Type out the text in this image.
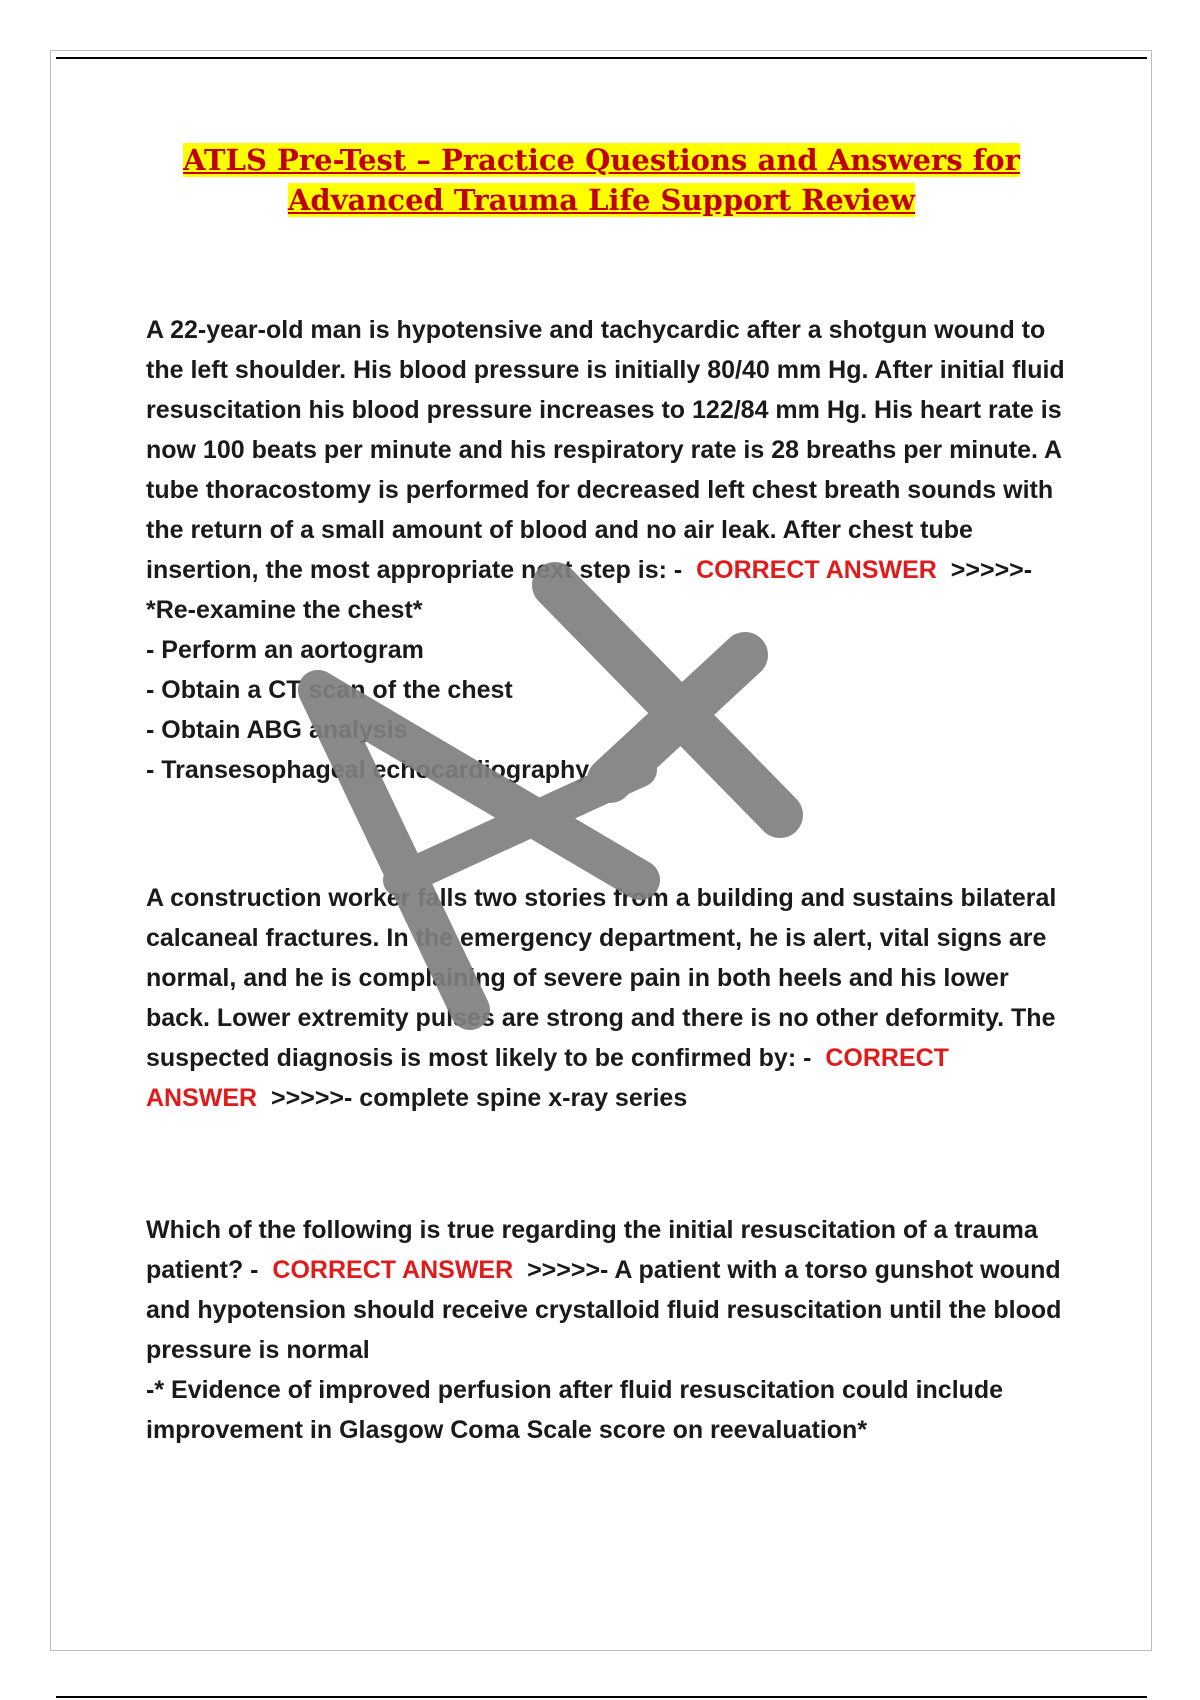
ATLS Pre-Test – Practice Questions and Answers for
Advanced Trauma Life Support Review

A 22-year-old man is hypotensive and tachycardic after a shotgun wound to the left shoulder. His blood pressure is initially 80/40 mm Hg. After initial fluid resuscitation his blood pressure increases to 122/84 mm Hg. His heart rate is now 100 beats per minute and his respiratory rate is 28 breaths per minute. A tube thoracostomy is performed for decreased left chest breath sounds with the return of a small amount of blood and no air leak. After chest tube insertion, the most appropriate next step is: - CORRECT ANSWER >>>>>- *Re-examine the chest*

- Perform an aortogram

- Obtain a CT scan of the chest

- Obtain ABG analysis

- Transesophageal echocardiography

A construction worker falls two stories from a building and sustains bilateral calcaneal fractures. In the emergency department, he is alert, vital signs are normal, and he is complaining of severe pain in both heels and his lower back. Lower extremity pulses are strong and there is no other deformity. The suspected diagnosis is most likely to be confirmed by: - CORRECT ANSWER >>>>>- complete spine x-ray series

Which of the following is true regarding the initial resuscitation of a trauma patient? - CORRECT ANSWER >>>>>- A patient with a torso gunshot wound and hypotension should receive crystalloid fluid resuscitation until the blood pressure is normal

-* Evidence of improved perfusion after fluid resuscitation could include improvement in Glasgow Coma Scale score on reevaluation*
